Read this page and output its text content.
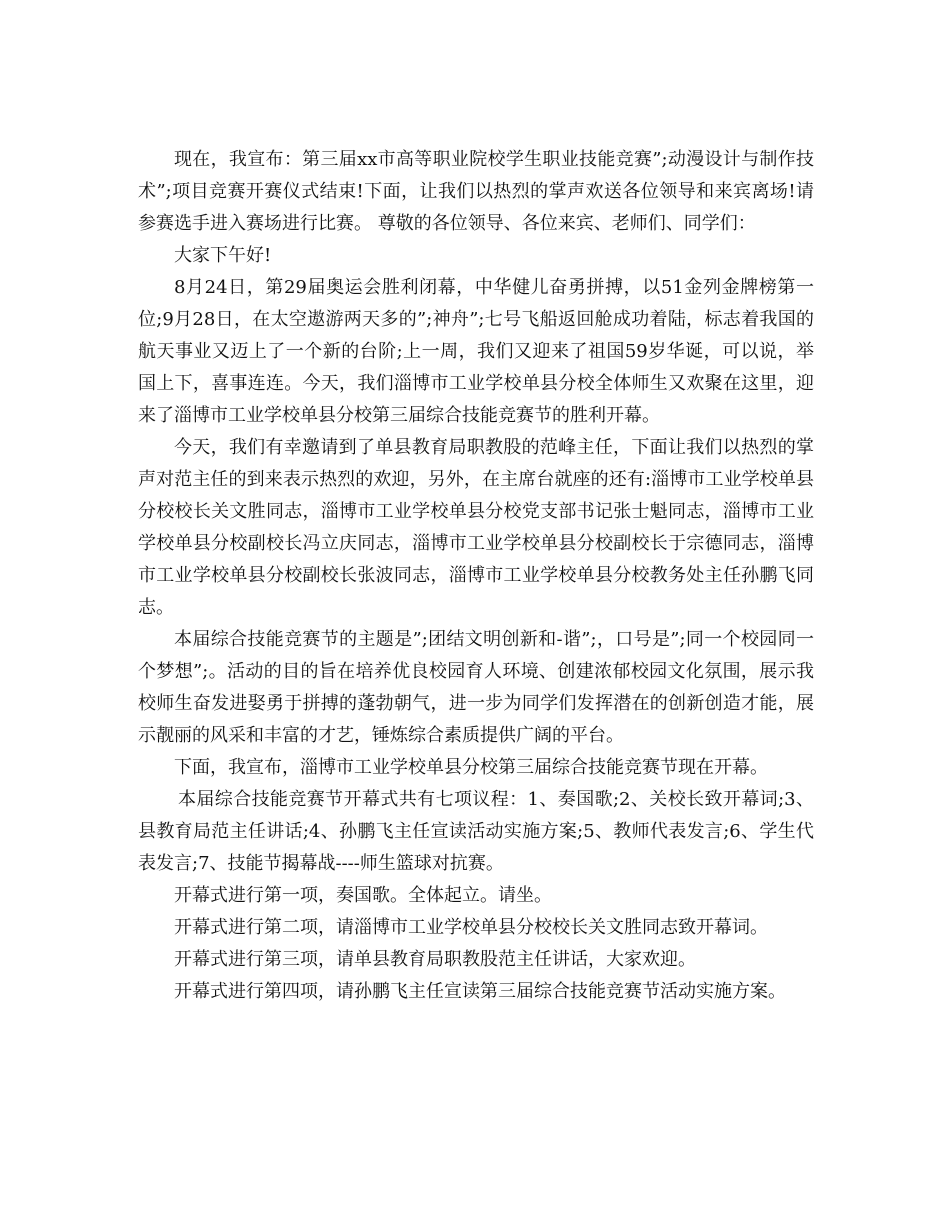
现在，我宣布：第三届xx市高等职业院校学生职业技能竞赛”;动漫设计与制作技术”;项目竞赛开赛仪式结束!下面，让我们以热烈的掌声欢送各位领导和来宾离场!请参赛选手进入赛场进行比赛。 尊敬的各位领导、各位来宾、老师们、同学们：

大家下午好!

8月24日，第29届奥运会胜利闭幕，中华健儿奋勇拼搏，以51金列金牌榜第一位;9月28日，在太空遨游两天多的”;神舟”;七号飞船返回舱成功着陆，标志着我国的航天事业又迈上了一个新的台阶;上一周，我们又迎来了祖国59岁华诞，可以说，举国上下，喜事连连。今天，我们淄博市工业学校单县分校全体师生又欢聚在这里，迎来了淄博市工业学校单县分校第三届综合技能竞赛节的胜利开幕。

今天，我们有幸邀请到了单县教育局职教股的范峰主任，下面让我们以热烈的掌声对范主任的到来表示热烈的欢迎，另外，在主席台就座的还有:淄博市工业学校单县分校校长关文胜同志，淄博市工业学校单县分校党支部书记张士魁同志，淄博市工业学校单县分校副校长冯立庆同志，淄博市工业学校单县分校副校长于宗德同志，淄博市工业学校单县分校副校长张波同志，淄博市工业学校单县分校教务处主任孙鹏飞同志。

本届综合技能竞赛节的主题是”;团结文明创新和-谐”;，口号是”;同一个校园同一个梦想”;。活动的目的旨在培养优良校园育人环境、创建浓郁校园文化氛围，展示我校师生奋发进娶勇于拼搏的蓬勃朝气，进一步为同学们发挥潜在的创新创造才能，展示靓丽的风采和丰富的才艺，锤炼综合素质提供广阔的平台。

下面，我宣布，淄博市工业学校单县分校第三届综合技能竞赛节现在开幕。

本届综合技能竞赛节开幕式共有七项议程：1、奏国歌;2、关校长致开幕词;3、县教育局范主任讲话;4、孙鹏飞主任宣读活动实施方案;5、教师代表发言;6、学生代表发言;7、技能节揭幕战----师生篮球对抗赛。

开幕式进行第一项，奏国歌。全体起立。请坐。

开幕式进行第二项，请淄博市工业学校单县分校校长关文胜同志致开幕词。

开幕式进行第三项，请单县教育局职教股范主任讲话，大家欢迎。

开幕式进行第四项，请孙鹏飞主任宣读第三届综合技能竞赛节活动实施方案。
